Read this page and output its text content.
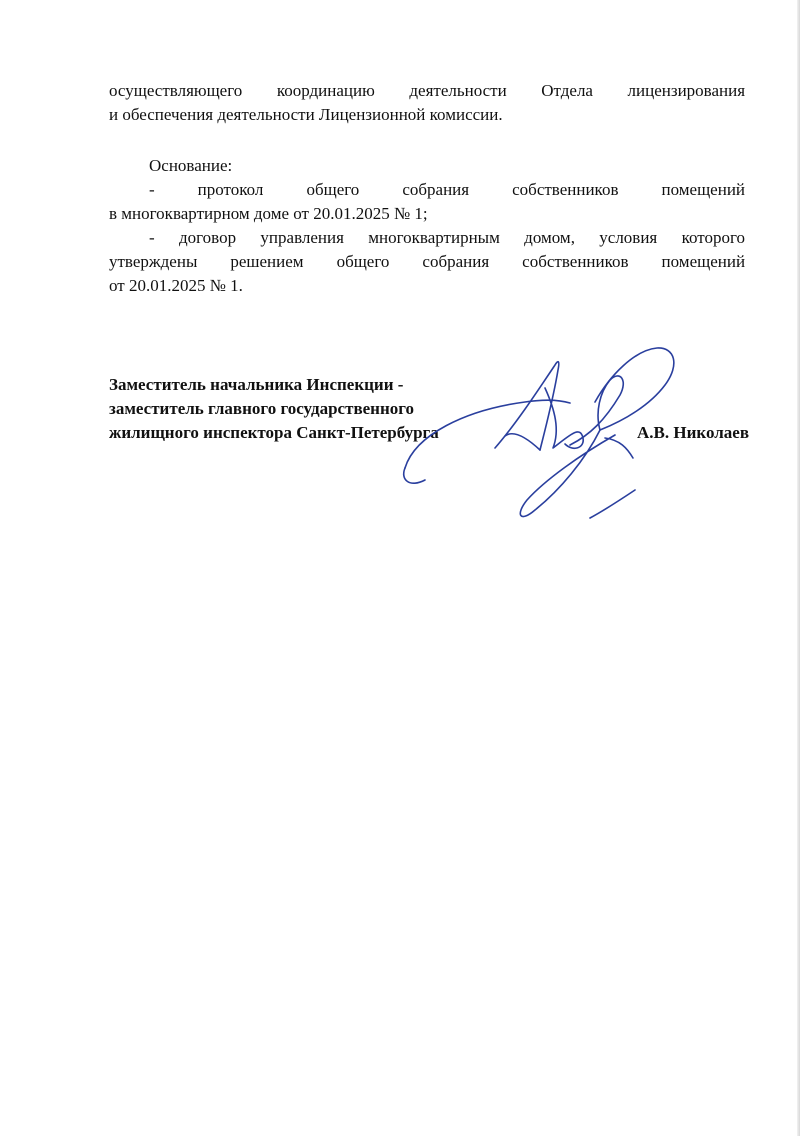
осуществляющего координацию деятельности Отдела лицензирования
и обеспечения деятельности Лицензионной комиссии.
Основание:
- протокол	общего	собрания	собственников	помещений
в многоквартирном доме от 20.01.2025 № 1;
- договор управления многоквартирным домом, условия которого
утверждены решением общего собрания собственников помещений
от 20.01.2025 № 1.
Заместитель начальника Инспекции -
заместитель главного государственного
жилищного инспектора Санкт-Петербурга	А.В. Николаев
